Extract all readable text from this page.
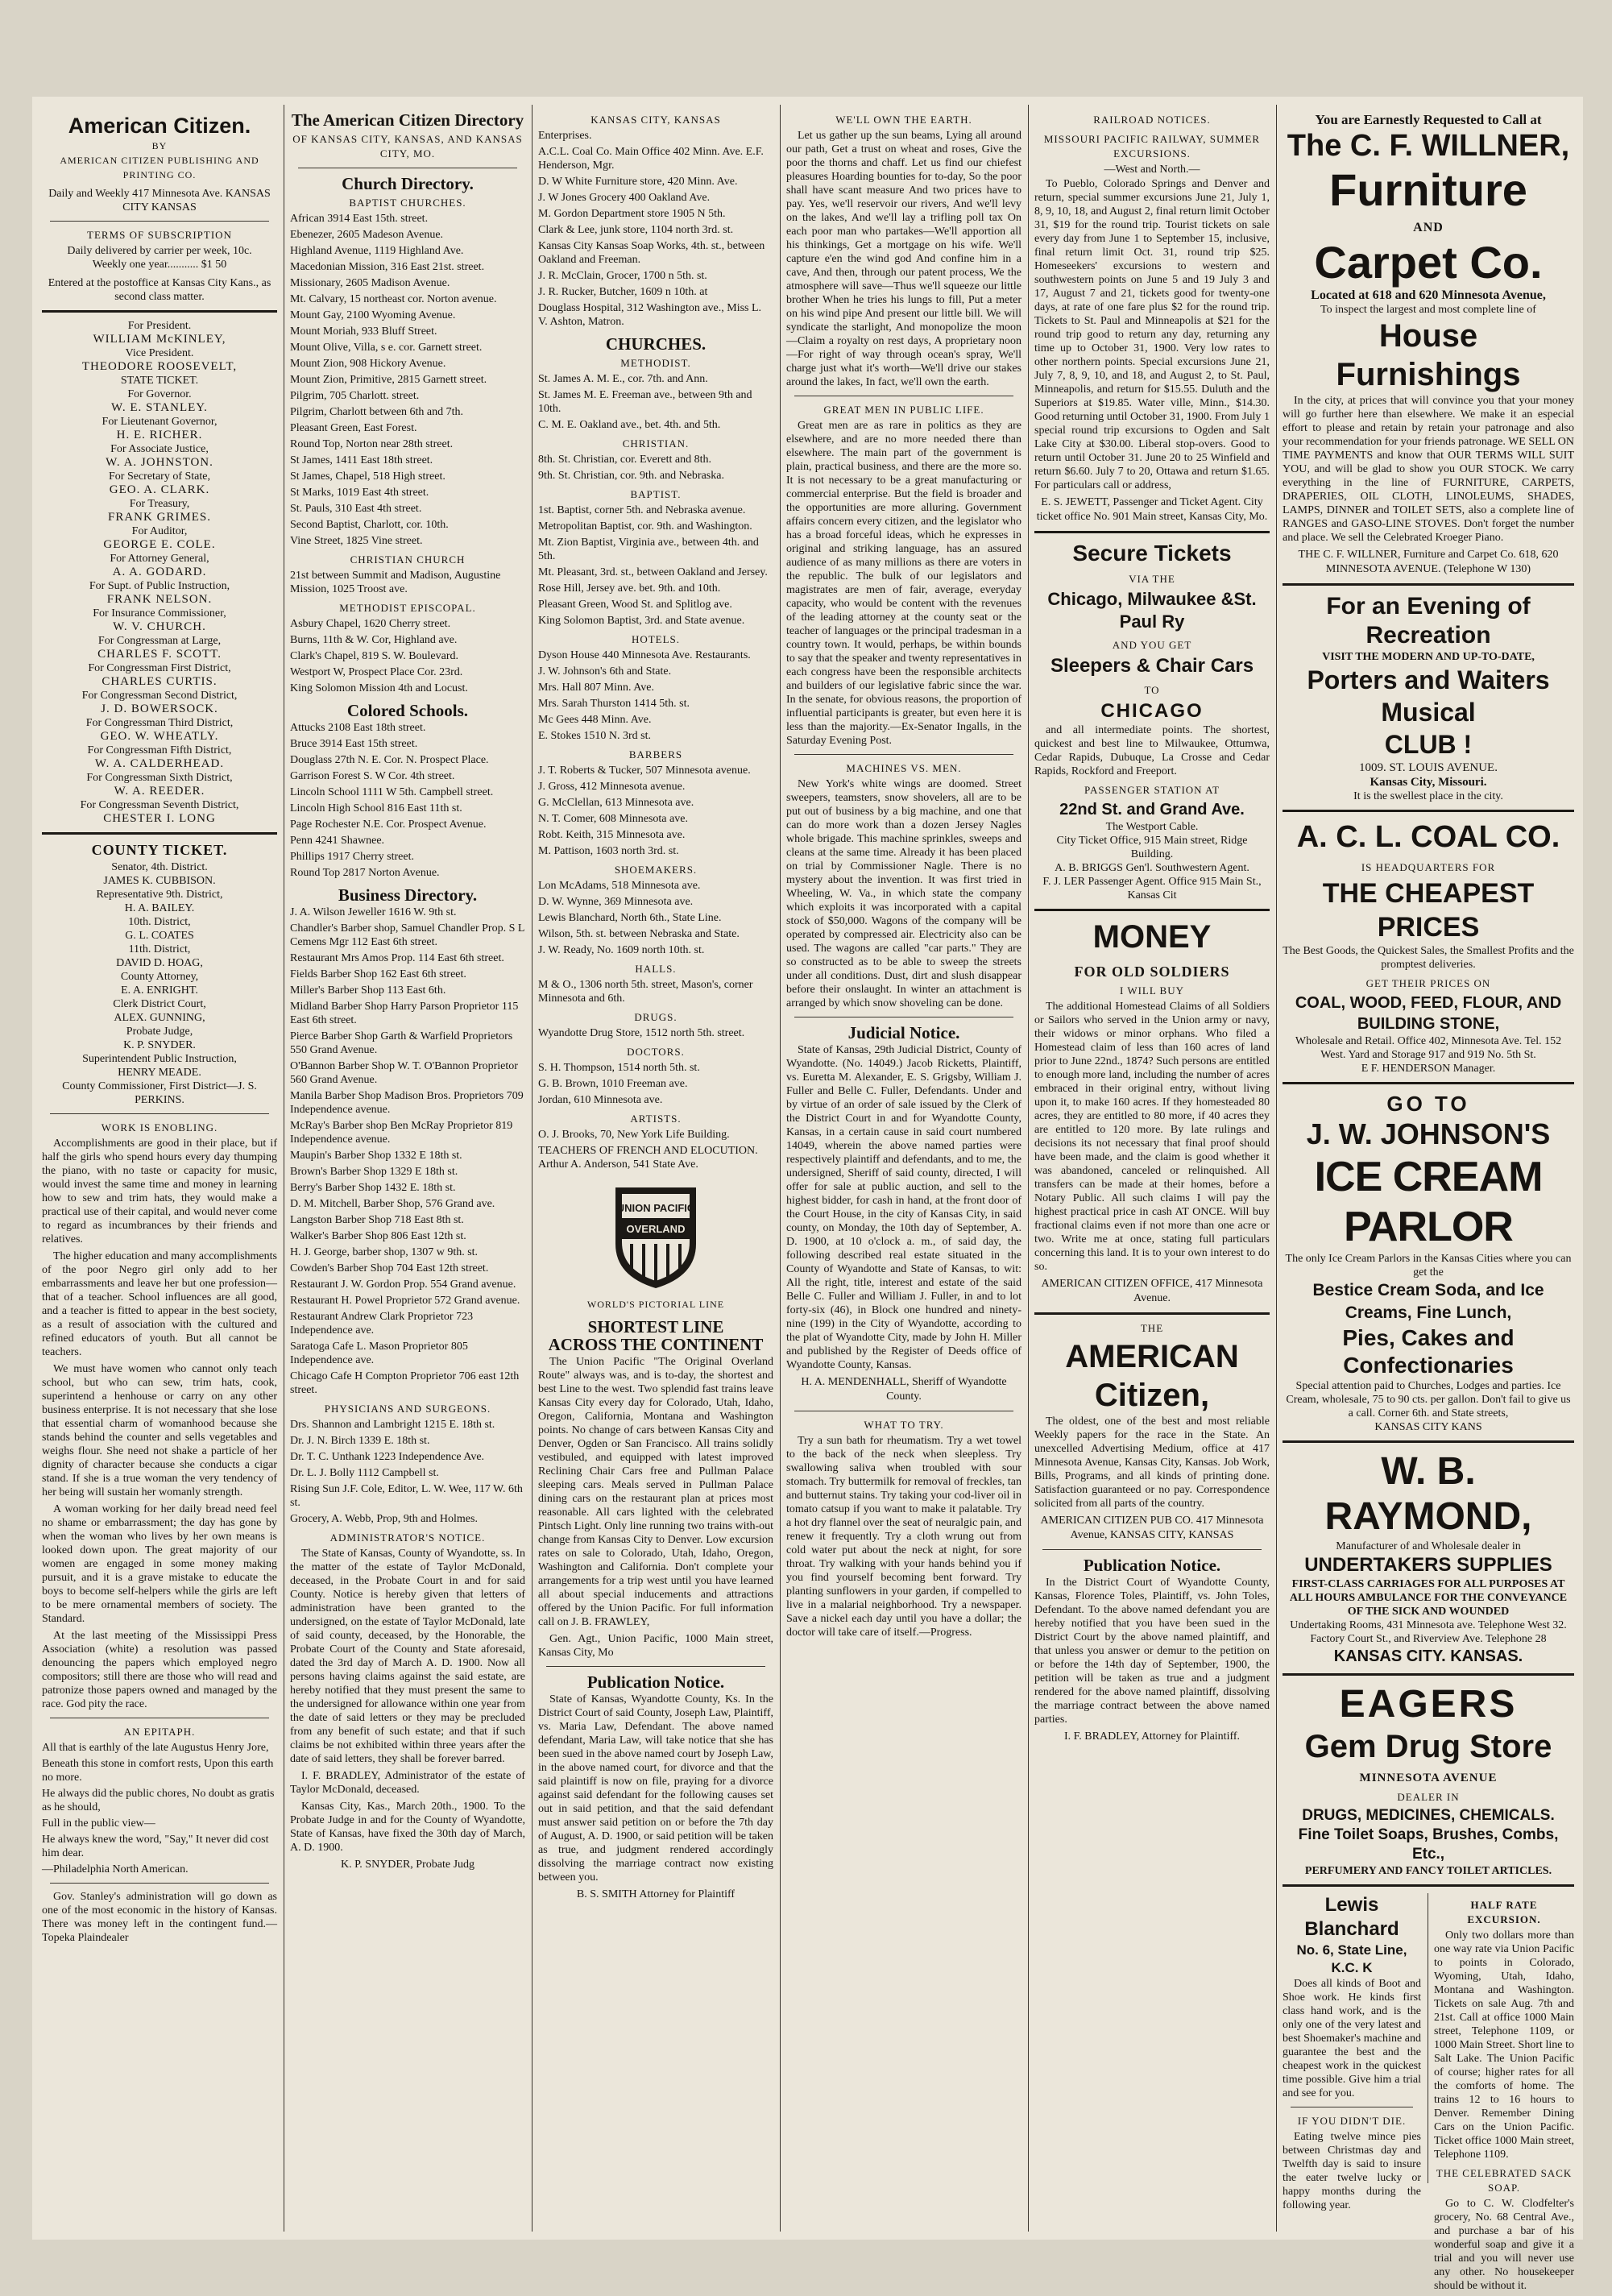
American Citizen.
BY
AMERICAN CITIZEN PUBLISHING AND PRINTING CO.
Daily and Weekly 417 Minnesota Ave. KANSAS CITY KANSAS
TERMS OF SUBSCRIPTION
Daily delivered by carrier per week, 10c.
Weekly one year........... $1 50
Entered at the postoffice at Kansas City Kans., as second class matter.
For President.
WILLIAM McKINLEY,
Vice President.
THEODORE ROOSEVELT,
STATE TICKET.
For Governor.
W. E. STANLEY.
For Lieutenant Governor,
H. E. RICHER.
For Associate Justice,
W. A. JOHNSTON.
For Secretary of State,
GEO. A. CLARK.
For Treasury,
FRANK GRIMES.
For Auditor,
GEORGE E. COLE.
For Attorney General,
A. A. GODARD.
For Supt. of Public Instruction,
FRANK NELSON.
For Insurance Commissioner,
W. V. CHURCH.
For Congressman at Large,
CHARLES F. SCOTT.
For Congressman First District,
CHARLES CURTIS.
For Congressman Second District,
J. D. BOWERSOCK.
For Congressman Third District,
GEO. W. WHEATLY.
For Congressman Fifth District,
W. A. CALDERHEAD.
For Congressman Sixth District,
W. A. REEDER.
For Congressman Seventh District,
CHESTER I. LONG
COUNTY TICKET.
Senator, 4th. District.
JAMES K. CUBBISON.
Representative 9th. District,
H. A. BAILEY.
10th. District,
G. L. COATES
11th. District,
DAVID D. HOAG,
County Attorney,
E. A. ENRIGHT.
Clerk District Court,
ALEX. GUNNING,
Probate Judge,
K. P. SNYDER.
Superintendent Public Instruction,
HENRY MEADE.
County Commissioner, First District—J. S. PERKINS.
WORK IS ENOBLING.

Accomplishments are good in their place, but if half the girls who spend hours every day thumping the piano, with no taste or capacity for music, would invest the same time and money in learning how to sew and trim hats, they would make a practical use of their capital, and would never come to regard as incumbrances by their friends and relatives.

The higher education and many accomplishments of the poor Negro girl only add to her embarrassments and leave her but one profession—that of a teacher. School influences are all good, and a teacher is fitted to appear in the best society, as a result of association with the cultured and refined educators of youth. But all cannot be teachers.

We must have women who cannot only teach school, but who can sew, trim hats, cook, superintend a henhouse or carry on any other business enterprise. It is not necessary that she lose that essential charm of womanhood because she stands behind the counter and sells vegetables and weighs flour. She need not shake a particle of her dignity of character because she conducts a cigar stand. If she is a true woman the very tendency of her being will sustain her womanly strength.

A woman working for her daily bread need feel no shame or embarrassment; the day has gone by when the woman who lives by her own means is looked down upon. The great majority of our women are engaged in some money making pursuit, and it is a grave mistake to educate the boys to become self-helpers while the girls are left to be mere ornamental members of society. The Standard.

At the last meeting of the Mississippi Press Association (white) a resolution was passed denouncing the papers which employed negro compositors; still there are those who will read and patronize those papers owned and managed by the race. God pity the race.

AN EPITAPH.
All that is earthly of the late Augustus Henry Jore,
Beneath this stone in comfort rests, Upon this earth no more.
He always did the public chores, No doubt as gratis as he should,
Full in the public view—
He always knew the word, "Say," It never did cost him dear.
—Philadelphia North American.

Gov. Stanley's administration will go down as one of the most economic in the history of Kansas. There was money left in the contingent fund.—Topeka Plaindealer

The American Citizen Directory
OF KANSAS CITY, KANSAS, AND KANSAS CITY, MO.
Church Directory.
BAPTIST CHURCHES.
African 3914 East 15th. street.
Ebenezer, 2605 Madeson Avenue.
Highland Avenue, 1119 Highland Ave.
Macedonian Mission, 316 East 21st. street.
Missionary, 2605 Madison Avenue.
Mt. Calvary, 15 northeast cor. Norton avenue.
Mount Gay, 2100 Wyoming Avenue.
Mount Moriah, 933 Bluff Street.
Mount Olive, Villa, s e. cor. Garnett street.
Mount Zion, 908 Hickory Avenue.
Mount Zion, Primitive, 2815 Garnett street.
Pilgrim, 705 Charlott. street.
Pilgrim, Charlott between 6th and 7th.
Pleasant Green, East Forest.
Round Top, Norton near 28th street.
St James, 1411 East 18th street.
St James, Chapel, 518 High street.
St Marks, 1019 East 4th street.
St. Pauls, 310 East 4th street.
Second Baptist, Charlott, cor. 10th.
Vine Street, 1825 Vine street.
CHRISTIAN CHURCH
21st between Summit and Madison, Augustine Mission, 1025 Troost ave.
METHODIST EPISCOPAL.
Asbury Chapel, 1620 Cherry street.
Burns, 11th & W. Cor, Highland ave.
Clark's Chapel, 819 S. W. Boulevard.
Westport W, Prospect Place Cor. 23rd.
King Solomon Mission 4th and Locust.
Colored Schools.
Attucks 2108 East 18th street.
Bruce 3914 East 15th street.
Douglass 27th N. E. Cor. N. Prospect Place.
Garrison Forest S. W Cor. 4th street.
Lincoln School 1111 W 5th. Campbell street.
Lincoln High School 816 East 11th st.
Page Rochester N.E. Cor. Prospect Avenue.
Penn 4241 Shawnee.
Phillips 1917 Cherry street.
Round Top 2817 Norton Avenue.
Business Directory.
J. A. Wilson Jeweller 1616 W. 9th st.
Chandler's Barber shop, Samuel Chandler Prop. S L Cemens Mgr 112 East 6th street.
Restaurant Mrs Amos Prop. 114 East 6th street.
Fields Barber Shop 162 East 6th street.
Miller's Barber Shop 113 East 6th.
Midland Barber Shop Harry Parson Proprietor 115 East 6th street.
Pierce Barber Shop Garth & Warfield Proprietors 550 Grand Avenue.
O'Bannon Barber Shop W. T. O'Bannon Proprietor 560 Grand Avenue.
Manila Barber Shop Madison Bros. Proprietors 709 Independence avenue.
McRay's Barber shop Ben McRay Proprietor 819 Independence avenue.
Maupin's Barber Shop 1332 E 18th st.
Brown's Barber Shop 1329 E 18th st.
Berry's Barber Shop 1432 E. 18th st.
D. M. Mitchell, Barber Shop, 576 Grand ave.
Langston Barber Shop 718 East 8th st.
Walker's Barber Shop 806 East 12th st.
H. J. George, barber shop, 1307 w 9th. st.
Cowden's Barber Shop 704 East 12th street.
Restaurant J. W. Gordon Prop. 554 Grand avenue.
Restaurant H. Powel Proprietor 572 Grand avenue.
Restaurant Andrew Clark Proprietor 723 Independence ave.
Saratoga Cafe L. Mason Proprietor 805 Independence ave.
Chicago Cafe H Compton Proprietor 706 east 12th street.
PHYSICIANS AND SURGEONS.
Drs. Shannon and Lambright 1215 E. 18th st.
Dr. J. N. Birch 1339 E. 18th st.
Dr. T. C. Unthank 1223 Independence Ave.
Dr. L. J. Bolly 1112 Campbell st.
Rising Sun J.F. Cole, Editor, L. W. Wee, 117 W. 6th st.
Grocery, A. Webb, Prop, 9th and Holmes.
ADMINISTRATOR'S NOTICE.

The State of Kansas, County of Wyandotte, ss. In the matter of the estate of Taylor McDonald, deceased, in the Probate Court in and for said County. Notice is hereby given that letters of administration have been granted to the undersigned, on the estate of Taylor McDonald, late of said county, deceased, by the Honorable, the Probate Court of the County and State aforesaid, dated the 3rd day of March A. D. 1900. Now all persons having claims against the said estate, are hereby notified that they must present the same to the undersigned for allowance within one year from the date of said letters or they may be precluded from any benefit of such estate; and that if such claims be not exhibited within three years after the date of said letters, they shall be forever barred.

I. F. BRADLEY, Administrator of the estate of Taylor McDonald, deceased.

Kansas City, Kas., March 20th., 1900. To the Probate Judge in and for the County of Wyandotte, State of Kansas, have fixed the 30th day of March, A. D. 1900.

K. P. SNYDER, Probate Judg
KANSAS CITY, KANSAS
Enterprises.
A.C.L. Coal Co. Main Office 402 Minn. Ave. E.F. Henderson, Mgr.
D. W White Furniture store, 420 Minn. Ave.
J. W Jones Grocery 400 Oakland Ave.
M. Gordon Department store 1905 N 5th.
Clark & Lee, junk store, 1104 north 3rd. st.
Kansas City Kansas Soap Works, 4th. st., between Oakland and Freeman.
J. R. McClain, Grocer, 1700 n 5th. st.
J. R. Rucker, Butcher, 1609 n 10th. at
Douglass Hospital, 312 Washington ave., Miss L. V. Ashton, Matron.
CHURCHES.
METHODIST.
St. James A. M. E., cor. 7th. and Ann.
St. James M. E. Freeman ave., between 9th and 10th.
C. M. E. Oakland ave., bet. 4th. and 5th.
CHRISTIAN.
8th. St. Christian, cor. Everett and 8th.
9th. St. Christian, cor. 9th. and Nebraska.
BAPTIST.
1st. Baptist, corner 5th. and Nebraska avenue.
Metropolitan Baptist, cor. 9th. and Washington.
Mt. Zion Baptist, Virginia ave., between 4th. and 5th.
Mt. Pleasant, 3rd. st., between Oakland and Jersey.
Rose Hill, Jersey ave. bet. 9th. and 10th.
Pleasant Green, Wood St. and Splitlog ave.
King Solomon Baptist, 3rd. and State avenue.
HOTELS.
Dyson House 440 Minnesota Ave. Restaurants.
J. W. Johnson's 6th and State.
Mrs. Hall 807 Minn. Ave.
Mrs. Sarah Thurston 1414 5th. st.
Mc Gees 448 Minn. Ave.
E. Stokes 1510 N. 3rd st.
BARBERS
J. T. Roberts & Tucker, 507 Minnesota avenue.
J. Gross, 412 Minnesota avenue.
G. McClellan, 613 Minnesota ave.
N. T. Comer, 608 Minnesota ave.
Robt. Keith, 315 Minnesota ave.
M. Pattison, 1603 north 3rd. st.
SHOEMAKERS.
Lon McAdams, 518 Minnesota ave.
D. W. Wynne, 369 Minnesota ave.
Lewis Blanchard, North 6th., State Line.
Wilson, 5th. st. between Nebraska and State.
J. W. Ready, No. 1609 north 10th. st.
HALLS.
M & O., 1306 north 5th. street, Mason's, corner Minnesota and 6th.
DRUGS.
Wyandotte Drug Store, 1512 north 5th. street.
DOCTORS.
S. H. Thompson, 1514 north 5th. st.
G. B. Brown, 1010 Freeman ave.
Jordan, 610 Minnesota ave.
ARTISTS.
O. J. Brooks, 70, New York Life Building.
TEACHERS OF FRENCH AND ELOCUTION. Arthur A. Anderson, 541 State Ave.
UNION PACIFIC
OVERLAND
WORLD'S PICTORIAL LINE
SHORTEST LINE
ACROSS THE CONTINENT

The Union Pacific "The Original Overland Route" always was, and is to-day, the shortest and best Line to the west. Two splendid fast trains leave Kansas City every day for Colorado, Utah, Idaho, Oregon, California, Montana and Washington points. No change of cars between Kansas City and Denver, Ogden or San Francisco. All trains solidly vestibuled, and equipped with latest improved Reclining Chair Cars free and Pullman Palace sleeping cars. Meals served in Pullman Palace dining cars on the restaurant plan at prices most reasonable. All cars lighted with the celebrated Pintsch Light. Only line running two trains with-out change from Kansas City to Denver. Low excursion rates on sale to Colorado, Utah, Idaho, Oregon, Washington and California. Don't complete your arrangements for a trip west until you have learned all about special inducements and attractions offered by the Union Pacific. For full information call on J. B. FRAWLEY,

Gen. Agt., Union Pacific, 1000 Main street, Kansas City, Mo

Publication Notice.

State of Kansas, Wyandotte County, Ks. In the District Court of said County, Joseph Law, Plaintiff, vs. Maria Law, Defendant. The above named defendant, Maria Law, will take notice that she has been sued in the above named court by Joseph Law, in the above named court, for divorce and that the said plaintiff is now on file, praying for a divorce against said defendant for the following causes set out in said petition, and that the said defendant must answer said petition on or before the 7th day of August, A. D. 1900, or said petition will be taken as true, and judgment rendered accordingly dissolving the marriage contract now existing between you.

B. S. SMITH Attorney for Plaintiff
WE'LL OWN THE EARTH.

Let us gather up the sun beams, Lying all around our path, Get a trust on wheat and roses, Give the poor the thorns and chaff. Let us find our chiefest pleasures Hoarding bounties for to-day, So the poor shall have scant measure And two prices have to pay. Yes, we'll reservoir our rivers, And we'll levy on the lakes, And we'll lay a trifling poll tax On each poor man who partakes—We'll apportion all his thinkings, Get a mortgage on his wife. We'll capture e'en the wind god And confine him in a cave, And then, through our patent process, We the atmosphere will save—Thus we'll squeeze our little brother When he tries his lungs to fill, Put a meter on his wind pipe And present our little bill. We will syndicate the starlight, And monopolize the moon—Claim a royalty on rest days, A proprietary noon—For right of way through ocean's spray, We'll charge just what it's worth—We'll drive our stakes around the lakes, In fact, we'll own the earth.

GREAT MEN IN PUBLIC LIFE.

Great men are as rare in politics as they are elsewhere, and are no more needed there than elsewhere. The main part of the government is plain, practical business, and there are the more so. It is not necessary to be a great manufacturing or commercial enterprise. But the field is broader and the opportunities are more alluring. Government affairs concern every citizen, and the legislator who has a broad forceful ideas, which he expresses in original and striking language, has an assured audience of as many millions as there are voters in the republic. The bulk of our legislators and magistrates are men of fair, average, everyday capacity, who would be content with the revenues of the leading attorney at the county seat or the teacher of languages or the principal tradesman in a country town. It would, perhaps, be within bounds to say that the speaker and twenty representatives in each congress have been the responsible architects and builders of our legislative fabric since the war. In the senate, for obvious reasons, the proportion of influential participants is greater, but even here it is less than the majority.—Ex-Senator Ingalls, in the Saturday Evening Post.

MACHINES VS. MEN.

New York's white wings are doomed. Street sweepers, teamsters, snow shovelers, all are to be put out of business by a big machine, and one that can do more work than a dozen Jersey Nagles whole brigade. This machine sprinkles, sweeps and cleans at the same time. Already it has been placed on trial by Commissioner Nagle. There is no mystery about the invention. It was first tried in Wheeling, W. Va., in which state the company which exploits it was incorporated with a capital stock of $50,000. Wagons of the company will be operated by compressed air. Electricity also can be used. The wagons are called "car parts." They are so constructed as to be able to sweep the streets under all conditions. Dust, dirt and slush disappear before their onslaught. In winter an attachment is arranged by which snow shoveling can be done.

Judicial Notice.

State of Kansas, 29th Judicial District, County of Wyandotte. (No. 14049.) Jacob Ricketts, Plaintiff, vs. Euretta M. Alexander, E. S. Grigsby, William J. Fuller and Belle C. Fuller, Defendants. Under and by virtue of an order of sale issued by the Clerk of the District Court in and for Wyandotte County, Kansas, in a certain cause in said court numbered 14049, wherein the above named parties were respectively plaintiff and defendants, and to me, the undersigned, Sheriff of said county, directed, I will offer for sale at public auction, and sell to the highest bidder, for cash in hand, at the front door of the Court House, in the city of Kansas City, in said county, on Monday, the 10th day of September, A. D. 1900, at 10 o'clock a. m., of said day, the following described real estate situated in the County of Wyandotte and State of Kansas, to wit: All the right, title, interest and estate of the said Belle C. Fuller and William J. Fuller, in and to lot forty-six (46), in Block one hundred and ninety-nine (199) in the City of Wyandotte, according to the plat of Wyandotte City, made by John H. Miller and published by the Register of Deeds office of Wyandotte County, Kansas.

H. A. MENDENHALL, Sheriff of Wyandotte County.
WHAT TO TRY.

Try a sun bath for rheumatism. Try a wet towel to the back of the neck when sleepless. Try swallowing saliva when troubled with sour stomach. Try buttermilk for removal of freckles, tan and butternut stains. Try taking your cod-liver oil in tomato catsup if you want to make it palatable. Try a hot dry flannel over the seat of neuralgic pain, and renew it frequently. Try a cloth wrung out from cold water put about the neck at night, for sore throat. Try walking with your hands behind you if you find yourself becoming bent forward. Try planting sunflowers in your garden, if compelled to live in a malarial neighborhood. Try a newspaper. Save a nickel each day until you have a dollar; the doctor will take care of itself.—Progress.

RAILROAD NOTICES.
MISSOURI PACIFIC RAILWAY, SUMMER EXCURSIONS.
—West and North.—

To Pueblo, Colorado Springs and Denver and return, special summer excursions June 21, July 1, 8, 9, 10, 18, and August 2, final return limit October 31, $19 for the round trip. Tourist tickets on sale every day from June 1 to September 15, inclusive, final return limit Oct. 31, round trip $25. Homeseekers' excursions to western and southwestern points on June 5 and 19 July 3 and 17, August 7 and 21, tickets good for twenty-one days, at rate of one fare plus $2 for the round trip. Tickets to St. Paul and Minneapolis at $21 for the round trip good to return any day, returning any time up to October 31, 1900. Very low rates to other northern points. Special excursions June 21, July 7, 8, 9, 10, and 18, and August 2, to St. Paul, Minneapolis, and return for $15.55. Duluth and the Superiors at $19.85. Water ville, Minn., $14.30. Good returning until October 31, 1900. From July 1 special round trip excursions to Ogden and Salt Lake City at $30.00. Liberal stop-overs. Good to return until October 31. June 20 to 25 Winfield and return $6.60. July 7 to 20, Ottawa and return $1.65. For particulars call or address,

E. S. JEWETT, Passenger and Ticket Agent. City ticket office No. 901 Main street, Kansas City, Mo.
Secure Tickets
VIA THE
Chicago, Milwaukee &St. Paul Ry
AND YOU GET
Sleepers & Chair Cars
TO
CHICAGO

and all intermediate points. The shortest, quickest and best line to Milwaukee, Ottumwa, Cedar Rapids, Dubuque, La Crosse and Cedar Rapids, Rockford and Freeport.

PASSENGER STATION AT
22nd St. and Grand Ave.
The Westport Cable.
City Ticket Office, 915 Main street, Ridge Building.
A. B. BRIGGS Gen'l. Southwestern Agent.
F. J. LER Passenger Agent. Office 915 Main St., Kansas Cit
MONEY
FOR OLD SOLDIERS
I WILL BUY

The additional Homestead Claims of all Soldiers or Sailors who served in the Union army or navy, their widows or minor orphans. Who filed a Homestead claim of less than 160 acres of land prior to June 22nd., 1874? Such persons are entitled to enough more land, including the number of acres embraced in their original entry, without living upon it, to make 160 acres. If they homesteaded 80 acres, they are entitled to 80 more, if 40 acres they are entitled to 120 more. By late rulings and decisions its not necessary that final proof should have been made, and the claim is good whether it was abandoned, canceled or relinquished. All transfers can be made at their homes, before a Notary Public. All such claims I will pay the highest practical price in cash AT ONCE. Will buy fractional claims even if not more than one acre or two. Write me at once, stating full particulars concerning this land. It is to your own interest to do so.

AMERICAN CITIZEN OFFICE, 417 Minnesota Avenue.
THE
AMERICAN
Citizen,

The oldest, one of the best and most reliable Weekly papers for the race in the State. An unexcelled Advertising Medium, office at 417 Minnesota Avenue, Kansas City, Kansas. Job Work, Bills, Programs, and all kinds of printing done. Satisfaction guaranteed or no pay. Correspondence solicited from all parts of the country.

AMERICAN CITIZEN PUB CO. 417 Minnesota Avenue, KANSAS CITY, KANSAS
Publication Notice.

In the District Court of Wyandotte County, Kansas, Florence Toles, Plaintiff, vs. John Toles, Defendant. To the above named defendant you are hereby notified that you have been sued in the District Court by the above named plaintiff, and that unless you answer or demur to the petition on or before the 14th day of September, 1900, the petition will be taken as true and a judgment rendered for the above named plaintiff, dissolving the marriage contract between the above named parties.

I. F. BRADLEY, Attorney for Plaintiff.
You are Earnestly Requested to Call at
The C. F. WILLNER,
Furniture
AND
Carpet Co.
Located at 618 and 620 Minnesota Avenue,
To inspect the largest and most complete line of
House Furnishings

In the city, at prices that will convince you that your money will go further here than elsewhere. We make it an especial effort to please and retain by retain your patronage and also your recommendation for your friends patronage. WE SELL ON TIME PAYMENTS and know that OUR TERMS WILL SUIT YOU, and will be glad to show you OUR STOCK. We carry everything in the line of FURNITURE, CARPETS, DRAPERIES, OIL CLOTH, LINOLEUMS, SHADES, LAMPS, DINNER and TOILET SETS, also a complete line of RANGES and GASO-LINE STOVES. Don't forget the number and place. We sell the Celebrated Kroeger Piano.

THE C. F. WILLNER, Furniture and Carpet Co. 618, 620 MINNESOTA AVENUE. (Telephone W 130)
For an Evening of Recreation
VISIT THE MODERN AND UP-TO-DATE,
Porters and Waiters Musical
CLUB !
1009. ST. LOUIS AVENUE.
Kansas City, Missouri.
It is the swellest place in the city.
A. C. L. COAL CO.
IS HEADQUARTERS FOR
THE CHEAPEST PRICES
The Best Goods, the Quickest Sales, the Smallest Profits and the promptest deliveries.
GET THEIR PRICES ON
COAL, WOOD, FEED, FLOUR, AND BUILDING STONE,
Wholesale and Retail. Office 402, Minnesota Ave. Tel. 152 West. Yard and Storage 917 and 919 No. 5th St.
E F. HENDERSON Manager.
GO TO
J. W. JOHNSON'S
ICE CREAM PARLOR
The only Ice Cream Parlors in the Kansas Cities where you can get the
Bestice Cream Soda, and Ice Creams, Fine Lunch,
Pies, Cakes and Confectionaries
Special attention paid to Churches, Lodges and parties. Ice Cream, wholesale, 75 to 90 cts. per gallon. Don't fail to give us a call. Corner 6th. and State streets,
KANSAS CITY KANS
W. B. RAYMOND,
Manufacturer of and Wholesale dealer in
UNDERTAKERS SUPPLIES
FIRST-CLASS CARRIAGES FOR ALL PURPOSES AT ALL HOURS AMBULANCE FOR THE CONVEYANCE OF THE SICK AND WOUNDED
Undertaking Rooms, 431 Minnesota ave. Telephone West 32.
Factory Court St., and Riverview Ave. Telephone 28
KANSAS CITY. KANSAS.
EAGERS
Gem Drug Store
MINNESOTA AVENUE
DEALER IN
DRUGS, MEDICINES, CHEMICALS.
Fine Toilet Soaps, Brushes, Combs, Etc.,
PERFUMERY AND FANCY TOILET ARTICLES.
Lewis Blanchard
No. 6, State Line, K.C. K

Does all kinds of Boot and Shoe work. He kinds first class hand work, and is the only one of the very latest and best Shoemaker's machine and guarantee the best and the cheapest work in the quickest time possible. Give him a trial and see for you.

IF YOU DIDN'T DIE.

Eating twelve mince pies between Christmas day and Twelfth day is said to insure the eater twelve lucky or happy months during the following year.

HALF RATE EXCURSION.

Only two dollars more than one way rate via Union Pacific to points in Colorado, Wyoming, Utah, Idaho, Montana and Washington. Tickets on sale Aug. 7th and 21st. Call at office 1000 Main street, Telephone 1109, or 1000 Main Street. Short line to Salt Lake. The Union Pacific of course; higher rates for all the comforts of home. The trains 12 to 16 hours to Denver. Remember Dining Cars on the Union Pacific. Ticket office 1000 Main street, Telephone 1109.

THE CELEBRATED SACK SOAP.

Go to C. W. Clodfelter's grocery, No. 68 Central Ave., and purchase a bar of his wonderful soap and give it a trial and you will never use any other. No housekeeper should be without it.
